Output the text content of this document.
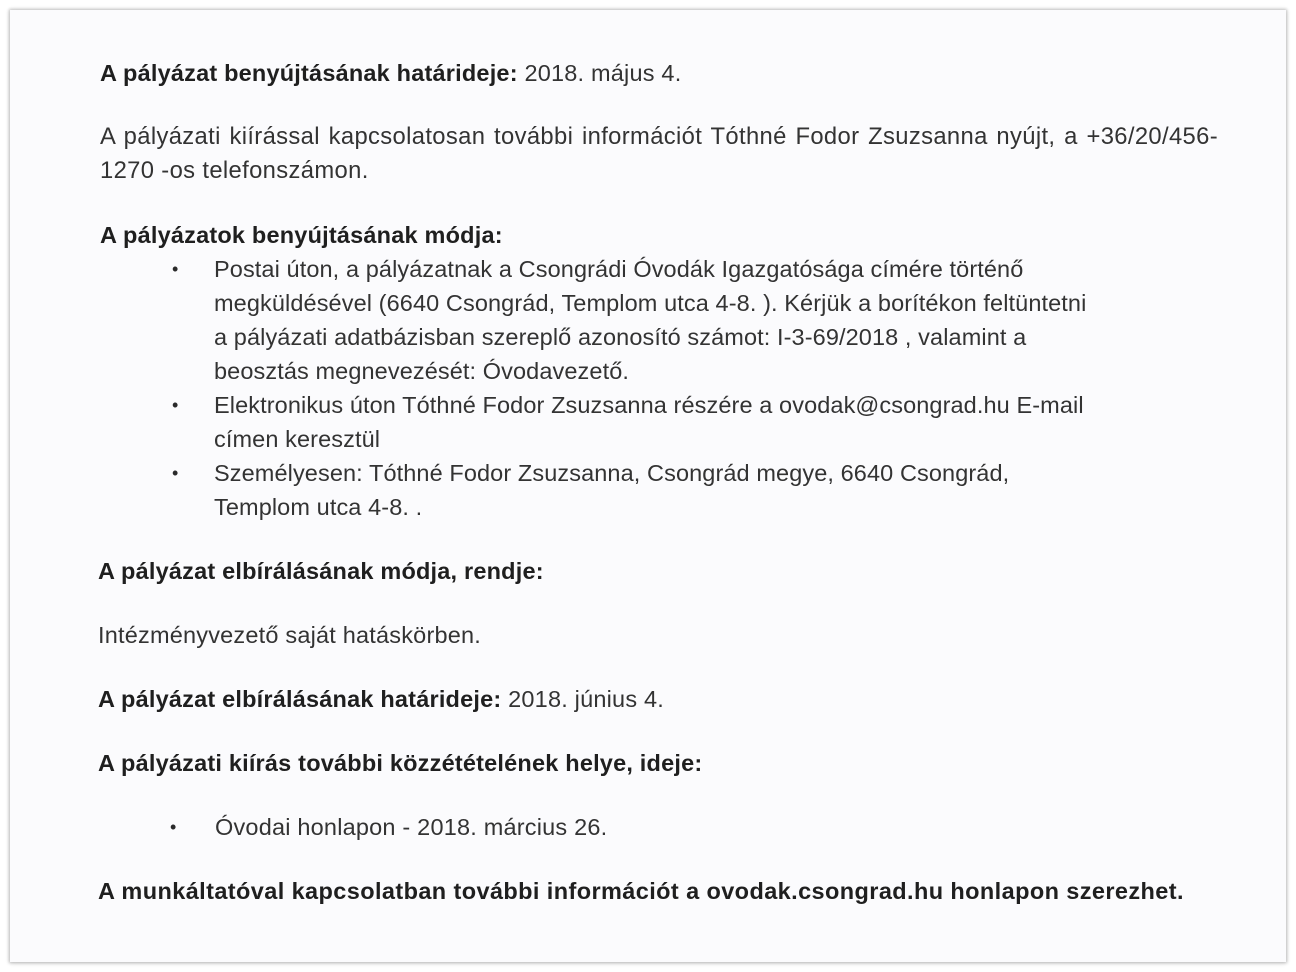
A pályázat benyújtásának határideje: 2018. május 4.

A pályázati kiírással kapcsolatosan további információt Tóthné Fodor Zsuzsanna nyújt, a +36/20/456-1270 -os telefonszámon.

A pályázatok benyújtásának módja:

• Postai úton, a pályázatnak a Csongrádi Óvodák Igazgatósága címére történő megküldésével (6640 Csongrád, Templom utca 4-8. ). Kérjük a borítékon feltüntetni a pályázati adatbázisban szereplő azonosító számot: I-3-69/2018 , valamint a beosztás megnevezését: Óvodavezető.
• Elektronikus úton Tóthné Fodor Zsuzsanna részére a ovodak@csongrad.hu E-mail címen keresztül
• Személyesen: Tóthné Fodor Zsuzsanna, Csongrád megye, 6640 Csongrád, Templom utca 4-8. .

A pályázat elbírálásának módja, rendje:

Intézményvezető saját hatáskörben.

A pályázat elbírálásának határideje: 2018. június 4.

A pályázati kiírás további közzétételének helye, ideje:

• Óvodai honlapon - 2018. március 26.

A munkáltatóval kapcsolatban további információt a ovodak.csongrad.hu honlapon szerezhet.
